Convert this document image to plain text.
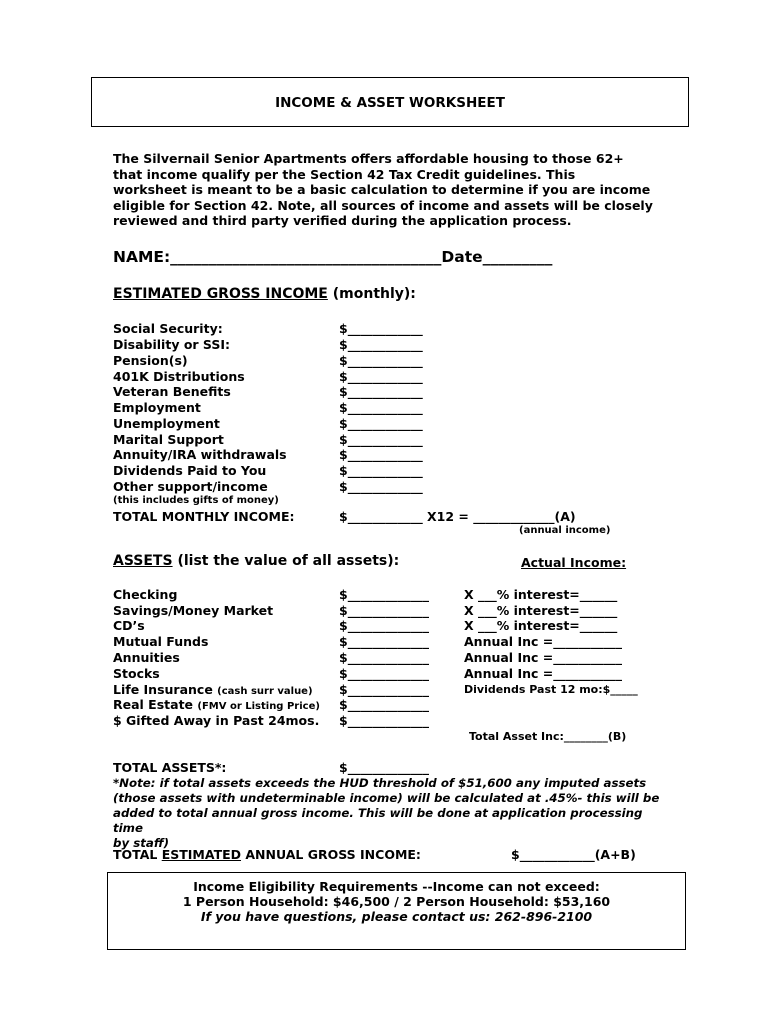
INCOME & ASSET WORKSHEET

The Silvernail Senior Apartments offers affordable housing to those 62+

that income qualify per the Section 42 Tax Credit guidelines. This

worksheet is meant to be a basic calculation to determine if you are income

eligible for Section 42. Note, all sources of income and assets will be closely

reviewed and third party verified during the application process.

NAME:___________________________________Date_________
ESTIMATED GROSS INCOME (monthly):
Social Security:	$____________
Disability or SSI:	$____________
Pension(s)	$____________
401K Distributions	$____________
Veteran Benefits	$____________
Employment	$____________
Unemployment	$____________
Marital Support	$____________
Annuity/IRA withdrawals	$____________
Dividends Paid to You	$____________
Other support/income	$____________
(this includes gifts of money)
TOTAL MONTHLY INCOME:	$____________ X12 = _____________(A)
(annual income)
ASSETS (list the value of all assets):	Actual Income:
Checking	$_____________	X ___% interest=______
Savings/Money Market	$_____________	X ___% interest=______
CD’s	$_____________	X ___% interest=______
Mutual Funds	$_____________	Annual Inc =___________
Annuities	$_____________	Annual Inc =___________
Stocks	$_____________	Annual Inc =___________
Life Insurance (cash surr value) $_____________	Dividends Past 12 mo:$_____
Real Estate (FMV or Listing Price) $_____________
$ Gifted Away in Past 24mos. $_____________
Total Asset Inc:________(B)
TOTAL ASSETS*:	$_____________

*Note: if total assets exceeds the HUD threshold of $51,600 any imputed assets

(those assets with undeterminable income) will be calculated at .45%- this will be

added to total annual gross income. This will be done at application processing time

by staff)

TOTAL ESTIMATED ANNUAL GROSS INCOME:	$____________(A+B)
Income Eligibility Requirements --Income can not exceed:
1 Person Household: $46,500 / 2 Person Household: $53,160
If you have questions, please contact us: 262-896-2100
